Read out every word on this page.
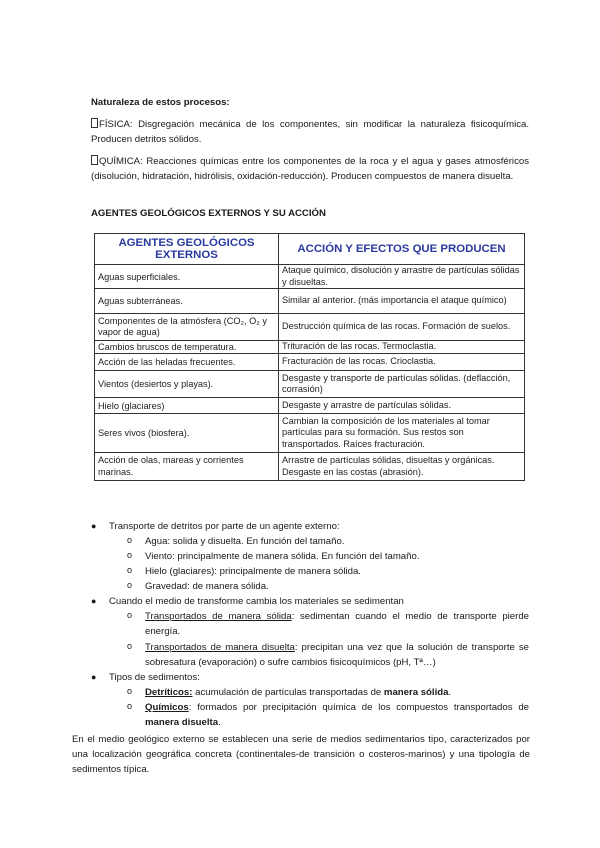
Naturaleza de estos procesos:
FÍSICA: Disgregación mecánica de los componentes, sin modificar la naturaleza fisicoquímica. Producen detritos sólidos.
QUÍMICA: Reacciones químicas entre los componentes de la roca y el agua y gases atmosféricos (disolución, hidratación, hidrólisis, oxidación-reducción). Producen compuestos de manera disuelta.
AGENTES GEOLÓGICOS EXTERNOS Y SU ACCIÓN
AGENTES GEOLÓGICOS EXTERNOS	ACCIÓN Y EFECTOS QUE PRODUCEN
Aguas superficiales.	Ataque químico, disolución y arrastre de partículas sólidas y disueltas.
Aguas subterráneas.	Similar al anterior. (más importancia el ataque químico)
Componentes de la atmósfera (CO₂, O₂ y vapor de agua)	Destrucción química de las rocas. Formación de suelos.
Cambios bruscos de temperatura.	Trituración de las rocas. Termoclastia.
Acción de las heladas frecuentes.	Fracturación de las rocas. Crioclastia.
Vientos (desiertos y playas).	Desgaste y transporte de partículas sólidas. (deflacción, corrasión)
Hielo (glaciares)	Desgaste y arrastre de partículas sólidas.
Seres vivos (biosfera).	Cambian la composición de los materiales al tomar partículas para su formación. Sus restos son transportados. Raíces fracturación.
Acción de olas, mareas y corrientes marinas.	Arrastre de partículas sólidas, disueltas y orgánicas. Desgaste en las costas (abrasión).
● Transporte de detritos por parte de un agente externo:
o Agua: solida y disuelta. En función del tamaño.
o Viento: principalmente de manera sólida. En función del tamaño.
o Hielo (glaciares): principalmente de manera sólida.
o Gravedad: de manera sólida.
● Cuando el medio de transforme cambia los materiales se sedimentan
o Transportados de manera sólida: sedimentan cuando el medio de transporte pierde energía.
o Transportados de manera disuelta: precipitan una vez que la solución de transporte se sobresatura (evaporación) o sufre cambios fisicoquímicos (pH, Tª…)
● Tipos de sedimentos:
o Detríticos: acumulación de partículas transportadas de manera sólida.
o Químicos: formados por precipitación química de los compuestos transportados de manera disuelta.
En el medio geológico externo se establecen una serie de medios sedimentarios tipo, caracterizados por una localización geográfica concreta (continentales-de transición o costeros-marinos) y una tipología de sedimentos típica.
